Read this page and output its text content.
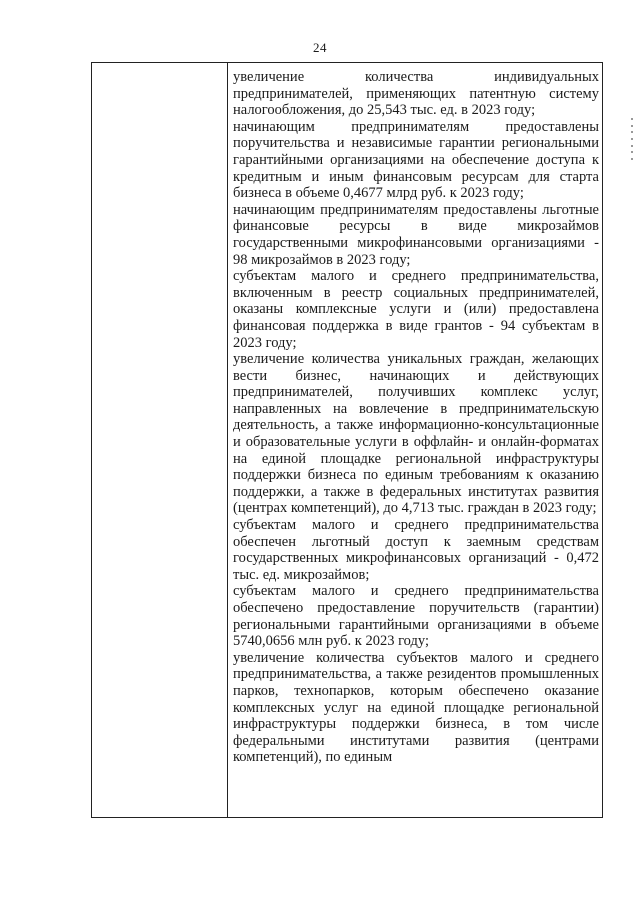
24

увеличение количества индивидуальных предпринимателей, применяющих патентную систему налогообложения, до 25,543 тыс. ед. в 2023 году;

начинающим предпринимателям предоставлены поручительства и независимые гарантии региональными гарантийными организациями на обеспечение доступа к кредитным и иным финансовым ресурсам для старта бизнеса в объеме 0,4677 млрд руб. к 2023 году;

начинающим предпринимателям предоставлены льготные финансовые ресурсы в виде микрозаймов государственными микрофинансовыми организациями - 98 микрозаймов в 2023 году;

субъектам малого и среднего предпринимательства, включенным в реестр социальных предпринимателей, оказаны комплексные услуги и (или) предоставлена финансовая поддержка в виде грантов - 94 субъектам в 2023 году;

увеличение количества уникальных граждан, желающих вести бизнес, начинающих и действующих предпринимателей, получивших комплекс услуг, направленных на вовлечение в предпринимательскую деятельность, а также информационно-консультационные и образовательные услуги в оффлайн- и онлайн-форматах на единой площадке региональной инфраструктуры поддержки бизнеса по единым требованиям к оказанию поддержки, а также в федеральных институтах развития (центрах компетенций), до 4,713 тыс. граждан в 2023 году;

субъектам малого и среднего предпринимательства обеспечен льготный доступ к заемным средствам государственных микрофинансовых организаций - 0,472 тыс. ед. микрозаймов;

субъектам малого и среднего предпринимательства обеспечено предоставление поручительств (гарантии) региональными гарантийными организациями в объеме 5740,0656 млн руб. к 2023 году;

увеличение количества субъектов малого и среднего предпринимательства, а также резидентов промышленных парков, технопарков, которым обеспечено оказание комплексных услуг на единой площадке региональной инфраструктуры поддержки бизнеса, в том числе федеральными институтами развития (центрами компетенций), по единым
